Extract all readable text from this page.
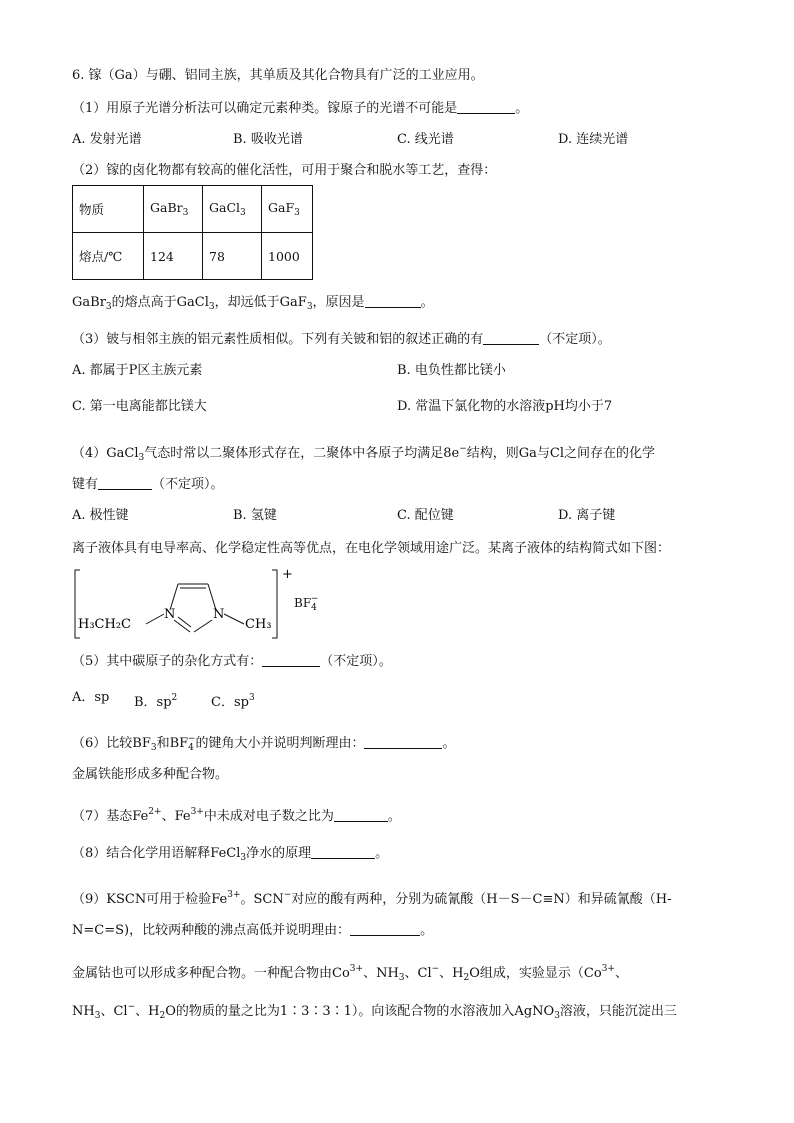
6. 镓（Ga）与硼、铝同主族，其单质及其化合物具有广泛的工业应用。
（1）用原子光谱分析法可以确定元素种类。镓原子的光谱不可能是	。
A. 发射光谱	B. 吸收光谱	C. 线光谱	D. 连续光谱
（2）镓的卤化物都有较高的催化活性，可用于聚合和脱水等工艺，查得：
物质	GaBr$_3$	GaCl$_3$	GaF$_3$
熔点/℃	124	78	1000
GaBr$_3$的熔点高于GaCl$_3$，却远低于GaF$_3$，原因是	。
（3）铍与相邻主族的铝元素性质相似。下列有关铍和铝的叙述正确的有	（不定项）。
A. 都属于P区主族元素	B. 电负性都比镁小
C. 第一电离能都比镁大	D. 常温下氯化物的水溶液pH均小于7
（4）GaCl$_3$气态时常以二聚体形式存在，二聚体中各原子均满足8e−结构，则Ga与Cl之间存在的化学
键有	（不定项）。
A. 极性键	B. 氢键	C. 配位键	D. 离子键
离子液体具有电导率高、化学稳定性高等优点，在电化学领域用途广泛。某离子液体的结构简式如下图：
H₃CH₂C
N	N
CH₃
+
$BF_4^-$
（5）其中碳原子的杂化方式有：	（不定项）。
A．sp B．$sp^2$	C．$sp^3$
（6）比较$BF_3$和$BF_4^-$的键角大小并说明判断理由：	。
金属铁能形成多种配合物。
（7）基态$Fe^{2+}$、$Fe^{3+}$中未成对电子数之比为	。
（8）结合化学用语解释FeCl$_3$净水的原理	。
（9）KSCN可用于检验$Fe^{3+}$。SCN−对应的酸有两种，分别为硫氰酸（H－S－C≡N）和异硫氰酸（H-
N=C=S)，比较两种酸的沸点高低并说明理由：	。
金属钴也可以形成多种配合物。一种配合物由$Co^{3+}$、$NH_3$、Cl−、$H_2O$组成，实验显示（$Co^{3+}$、
$NH_3$、Cl−、$H_2O$的物质的量之比为1∶3∶3∶1）。向该配合物的水溶液加入AgNO$_3$溶液，只能沉淀出三
